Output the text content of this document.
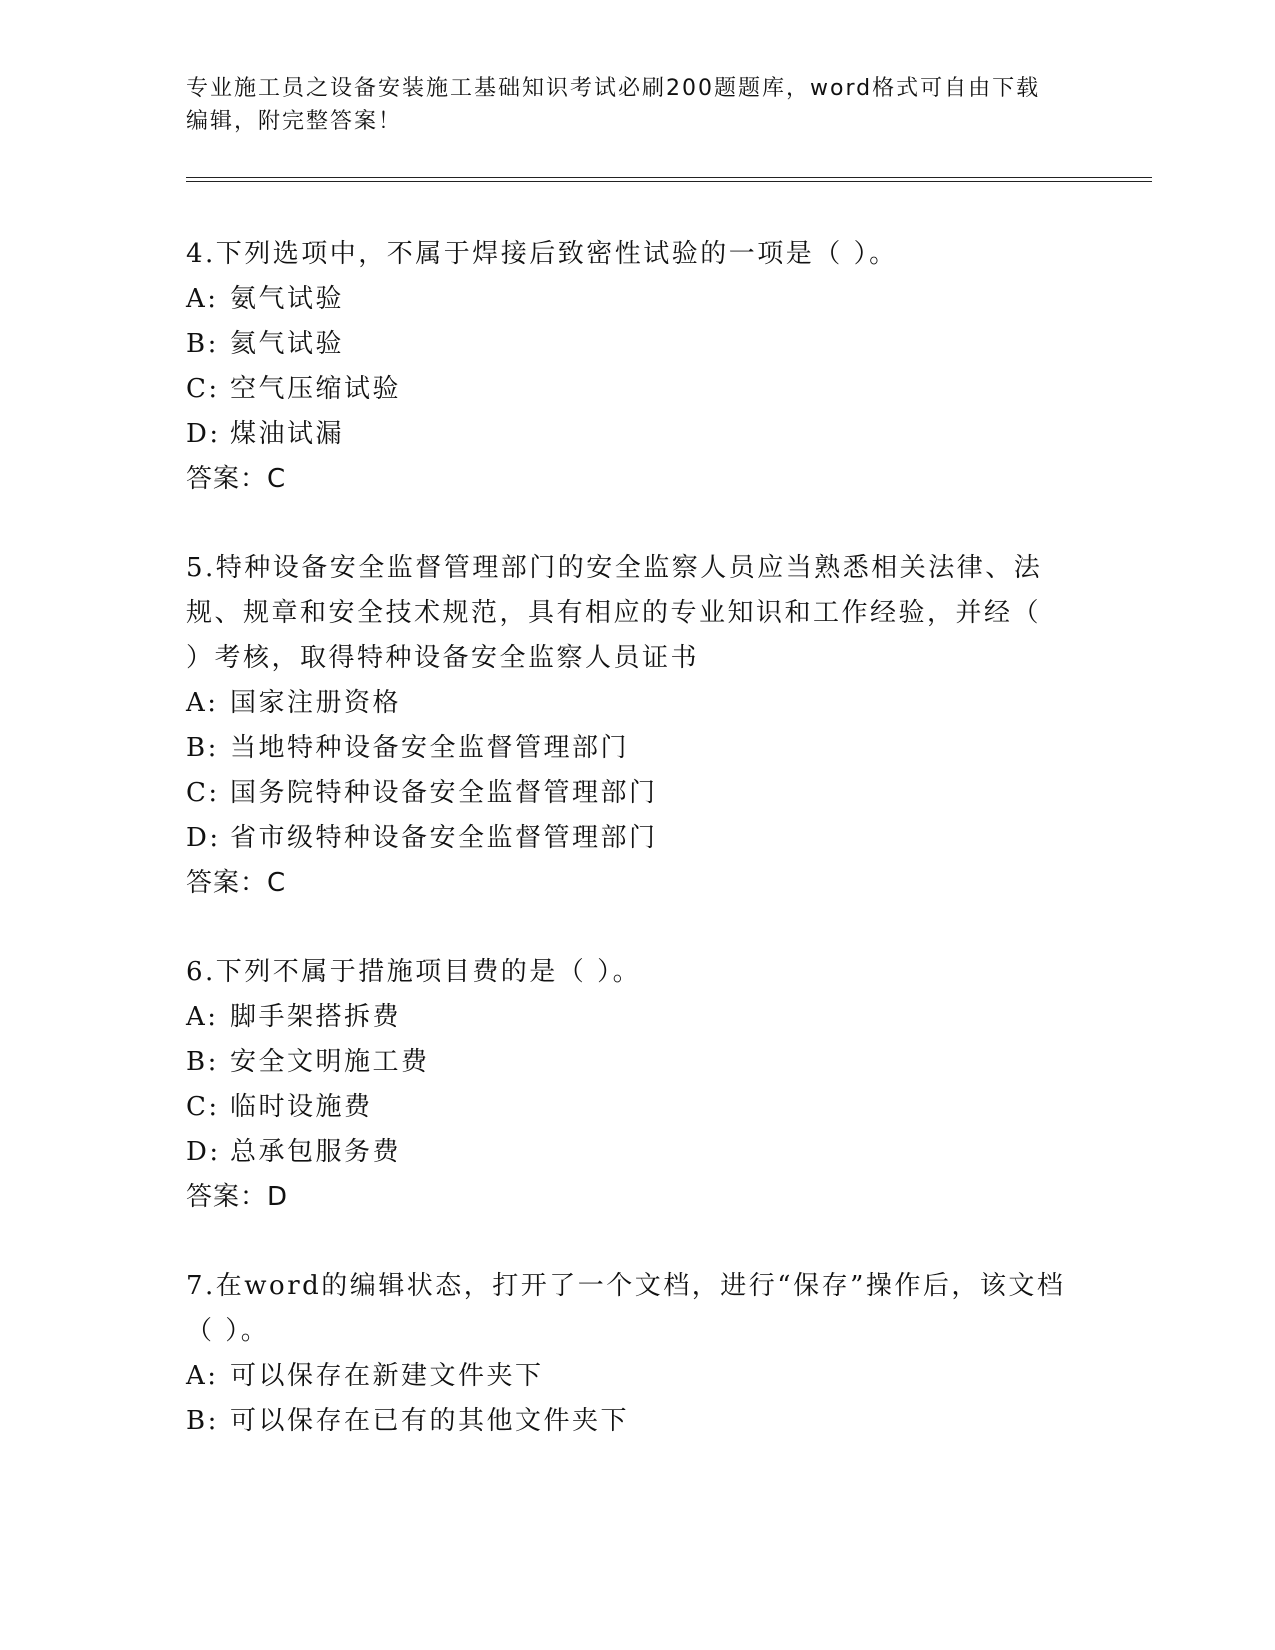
专业施工员之设备安装施工基础知识考试必刷200题题库，word格式可自由下载
编辑，附完整答案！

4.下列选项中，不属于焊接后致密性试验的一项是（ ）。

A: 氨气试验

B: 氦气试验

C: 空气压缩试验

D: 煤油试漏

答案：C

5.特种设备安全监督管理部门的安全监察人员应当熟悉相关法律、法规、规章和安全技术规范，具有相应的专业知识和工作经验，并经（ ）考核，取得特种设备安全监察人员证书

A: 国家注册资格

B: 当地特种设备安全监督管理部门

C: 国务院特种设备安全监督管理部门

D: 省市级特种设备安全监督管理部门

答案：C

6.下列不属于措施项目费的是（ ）。

A: 脚手架搭拆费

B: 安全文明施工费

C: 临时设施费

D: 总承包服务费

答案：D

7.在word的编辑状态，打开了一个文档，进行“保存”操作后，该文档（ ）。

A: 可以保存在新建文件夹下

B: 可以保存在已有的其他文件夹下
